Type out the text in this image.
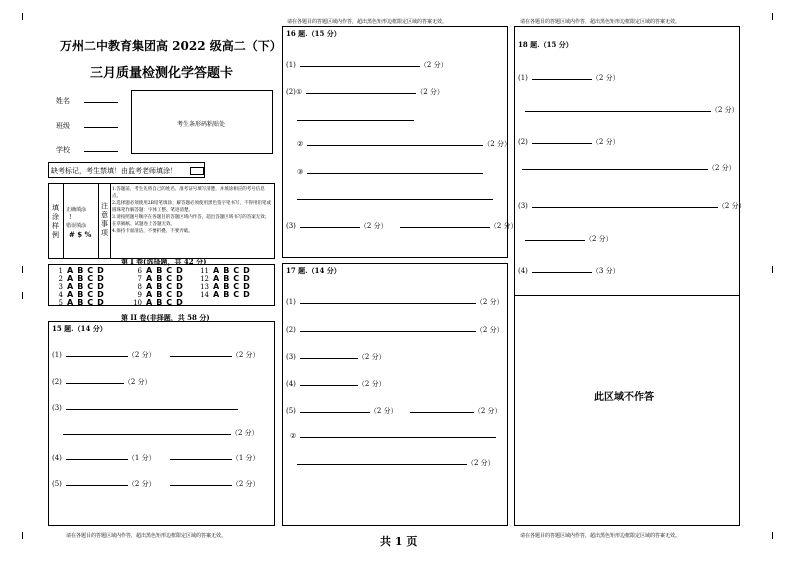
请在各题目的答题区域内作答，超出黑色矩形边框限定区域的答案无效。	请在各题目的答题区域内作答，超出黑色矩形边框限定区域的答案无效。
万州二中教育集团高 2022 级高二（下）
三月质量检测化学答题卡
姓名
班级
学校
考生条形码粘贴处
缺考标记，考生禁填！由监考老师填涂！
填涂样例
正确填涂
!
错误填涂
# $ %
注意事项
1.答题前，考生先将自己的姓名、准考证号填写清楚，并填涂相应的考号信息点。
2.选择题必须使用2B铅笔填涂；解答题必须使用黑色签字笔书写，不得用铅笔或圆珠笔作解答题：字体工整、笔迹清楚。
3.请按照题号顺序在各题目的答题区域内作答，超出答题区域书写的答案无效；在草稿纸、试题卷上答题无效。
4.保持卡面清洁，不要折叠、不要弄破。
第 I 卷(选择题，共 42 分)
1 ABCD
2 ABCD
3 ABCD
4 ABCD
5 ABCD
6 ABCD
7 ABCD
8 ABCD
9 ABCD
10 ABCD
11 ABCD
12 ABCD
13 ABCD
14 ABCD
第 II 卷(非择题，共 58 分)
15 题.（14 分）
(1)	（2 分）	（2 分）
(2)	（2 分）
(3)
（2 分）
(4)	（1 分）	（1 分）
(5)	（2 分）	（2 分）
请在各题目的答题区域内作答，超出黑色矩形边框限定区域的答案无效。
16 题.（15 分）
(1)	（2 分）
(2)①	（2 分）
②	（2 分）
③
(3)	（2 分）	（2 分）
17 题.（14 分）
(1)	（2 分）
(2)	（2 分）
(3)	（2 分）
(4)	（2 分）
(5)	（2 分）	（2 分）
②
（2 分）
共 1 页
18 题.（15 分）
(1)	（2 分）
（2 分）
(2)	（2 分）
（2 分）
(3)	（2 分）
（2 分）
(4)	（3 分）
此区域不作答
请在各题目的答题区域内作答，超出黑色矩形边框限定区域的答案无效。
